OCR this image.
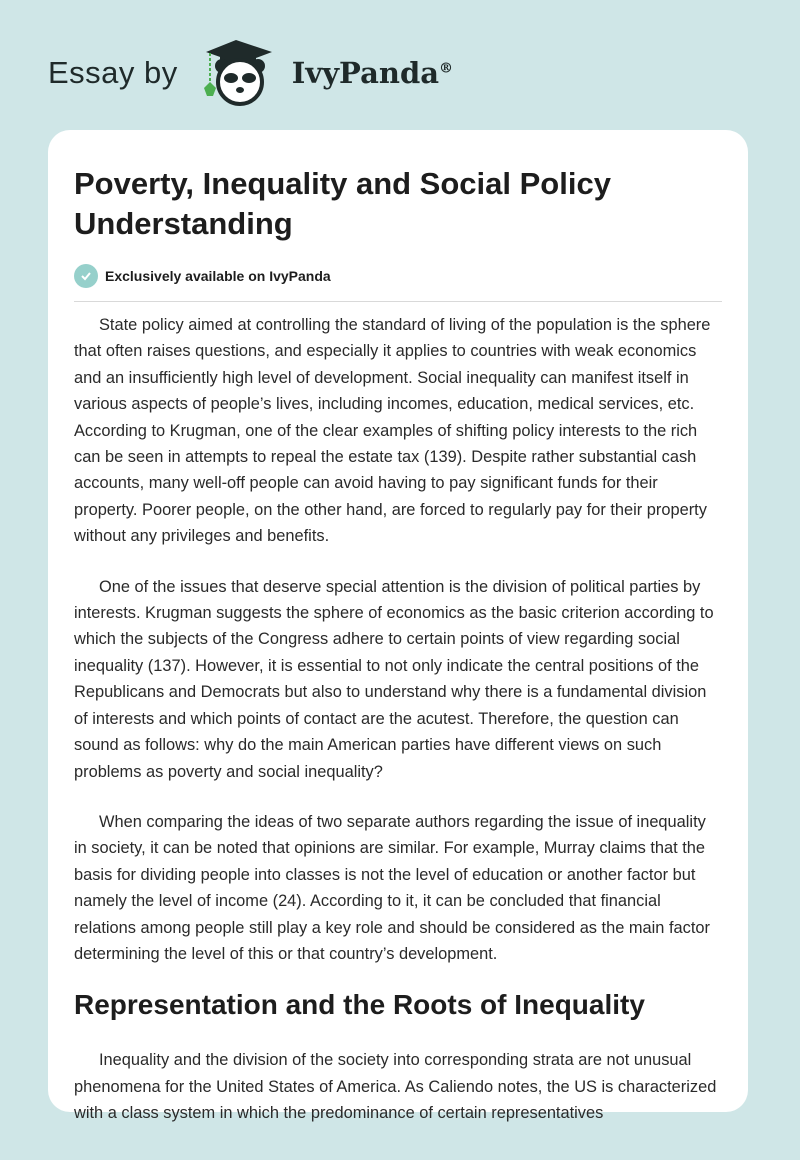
Essay by	IvyPanda®
Poverty, Inequality and Social Policy Understanding
Exclusively available on IvyPanda

State policy aimed at controlling the standard of living of the population is the sphere that often raises questions, and especially it applies to countries with weak economics and an insufficiently high level of development. Social inequality can manifest itself in various aspects of people’s lives, including incomes, education, medical services, etc. According to Krugman, one of the clear examples of shifting policy interests to the rich can be seen in attempts to repeal the estate tax (139). Despite rather substantial cash accounts, many well-off people can avoid having to pay significant funds for their property. Poorer people, on the other hand, are forced to regularly pay for their property without any privileges and benefits.

One of the issues that deserve special attention is the division of political parties by interests. Krugman suggests the sphere of economics as the basic criterion according to which the subjects of the Congress adhere to certain points of view regarding social inequality (137). However, it is essential to not only indicate the central positions of the Republicans and Democrats but also to understand why there is a fundamental division of interests and which points of contact are the acutest. Therefore, the question can sound as follows: why do the main American parties have different views on such problems as poverty and social inequality?

When comparing the ideas of two separate authors regarding the issue of inequality in society, it can be noted that opinions are similar. For example, Murray claims that the basis for dividing people into classes is not the level of education or another factor but namely the level of income (24). According to it, it can be concluded that financial relations among people still play a key role and should be considered as the main factor determining the level of this or that country’s development.

Representation and the Roots of Inequality

Inequality and the division of the society into corresponding strata are not unusual phenomena for the United States of America. As Caliendo notes, the US is characterized with a class system in which the predominance of certain representatives
